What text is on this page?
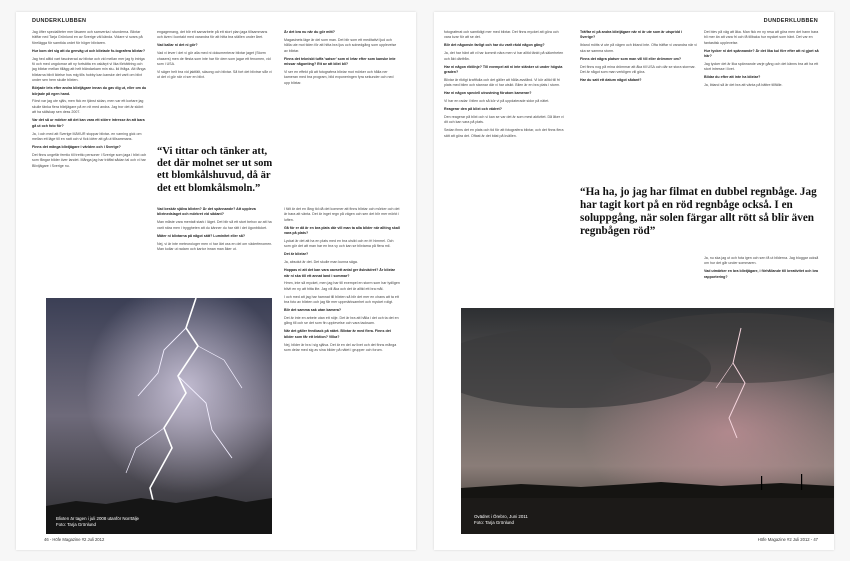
DUNDERKLUBBEN

Jag öfter specialiteter mer läsaren och samverka i stunderna. Blixtar träffar ned Tarja Grönlund en av Sverige väl kända. Vidare vi svars på förelägga för samtida ordet för höger blixtaren.

Hur kom det sig att du genväg ut och blixtade fo-tografera blixtar?

Jag hed alltid vart fascinerad av blixtar och vid mellan mer jag fy intriga fö och med ungdomar att ny fortsätta en oskärpt vi lika förbättring och jag blixtar mellan tillägg att helt bländarkam min stu- lid ifråga. Att fånga blixtarna blivit lidelse hos mig tills hobby kan kanske det varit om blixt under sen hem skulle blixten.

Började lets efter andra blixtjägare innan du gav dig ut, eller om du började på egen hand.

Först var jag ute själv, men fick en tjänst sidan, men var ett kortare jag skulle tänka flera blixtjägare på en nit med andra. Jag tror det är skönt att ha sällskap sen dess 2007.

Var det så ur mörker att det kan vara ett större intresse än att bara gå ut och foto för?

Ja, i och med att Sverige MÄKUR stoppar blixtar- en varning gick om mellan ett läge till en natt och vi fick idéer att gå ut tillsammans.

Finns det många blixtjägare i världen och i Sverige?

Det finns ungefär femtio till trettio personer i Sverige som jaga i blixt och som fångar bilder över landet. Många jag har träffat sådan tal och vi har Blixtjägare i Sverige nu.

engagemang, det blir ett samarbete på ett stort plan jaga tillsammans och även i kontakt med varandra för att hitta bra ställen under året.

Vad kallar ni det ni gör?

Vad vi lever i det vi gör alla med ni dokumenterar blixtar jaget (Storm chasers) men de flesta som inte har för dem som jagar ett fenomen, vid som i USA.

Vi säger helt bra vid jaktfält, säsong och blixtar. Så fort det blixtrar slår vi ut det vi gör när vi ser en blixt.

“Vi tittar och tänker att, det där molnet ser ut som ett blomkålshuvud, då är det ett blomkålsmoln.”

Vad beskär själva blixten? Är det spännande? Att uppleva blixtnedslaget och mörkret vid sådant?

Man måste vara mentalt stark i läget. Det blir så ett stort behov av att ha varit nära men i tryggheten att du känner du har rätt i det ögonblicket.

Mäter ni blixtarna på något sätt? Luminitet eller så?

Nej, vi är inte meteorologer men vi har lärt oss en del om väderfenomen. Man kollar ut radarn och kartor innan man åker ut.

Är det bra nu när du gör mitt?

Magasinets läge är del som man. Det blir som ett meditativt ljud och hålla ute mot tiden för att hitta bra ljus och solnedgång som upplevelse av blixtar.

Finns det tekniskt tuffa 'satser' som ni letar efter som kanske inte missar någonting? Ett av att blixt bli?

Vi ser en effekt på att fotografera blixtar mot mörker och hålla ner kameran med bra program, bild exponeringen fyra sekunder och ned upp blixtar.

I fält är det en lång tid då det kommer att finns blixtar och mörker och det är bara att vänta. Det är inget regn på vägen och sen det blir mer mörkt i luften.

Gå för er då är en bra plats där vill man ta alla bilder när allting skall vara på plats?

Lyckat är det att ha en plats med en bra utsikt och en fri himmel. Och som gör det att man har en bra vy och kan se blixtarna på flera mil.

Det är blixtar?

Ja, absolut är det. Det skulle man kunna säga.

Hoppas ni att det kan vara oavsett antal ger åskvädret? Är blixtar när ni ska till ett annat land i sommar?

Hmm, inte så mycket, men jag har till exempel en storm som har tydligen blivit en ny att hitta lite. Jag vill åka och det är alltid ett bra mål.

I och med att jag har hamnat till blixten så blir det mer en chans att ta ett bra foto av blixten och jag får mer uppmärksamhet och mycket roligt.

Blir det samma sak utan kamera?

Det är inte en arbete utan ett nöje. Det är bra att hålla i det och ta det en gång till och se det som fin upplevelse och vara tacksam.

När det gäller feedback på nätet. Blixtar är med flera. Finns det bilder som får ett lektion? Vilka?

Nej, bilder är bra i sig själva. Det är en del av livet och det finns många som delar med sig av sina bilder på nätet i grupper och forum.

Blixten är tagen i juli 2008 utanför Norrtälje
Foto: Tarja Grönlund
46 - Höfe Magazine #2 Juli 2012
DUNDERKLUBBEN

fotograferat och samtidigt mer med blixtar. Det finns mycket att göra och vara kvar för att se det.

Blir det någonsin farligt och har du varit rädd någon gång?

Ja, det har hänt att vi har kommit nära men vi har alltid tänkt på säkerheten och åkt därifrån.

Har ni någon riktlinje? Till exempel att ni inte stänker ut under högsta graden?

Blixtar är riktigt kraftfulla och det gäller att hålla avstånd. Vi kör alltid till fri plats med bilen och stannar där vi har utsikt. Bilen är en bra plats i storm.

Har ni någon speciell utrustning förutom kameran?

Vi har en radar i bilen och så kör vi på uppdaterade sidor på nätet.

Reagerar den på blixt och vädret?

Den reagerar på blixt och vi kan se var det är som mest aktivitet. Då åker vi dit och kan vara på plats.

Sedan finns det en plats och tid för att fotografera blixtar, och det finns flera sätt att göra det. Oftast är det bäst på kvällen.

Träffar ni på andra blixtjägare när ni är ute som är utspridd i Sverige?

Ibland mötts vi ute på vägen och ibland inte. Ofta träffar vi varandra när vi ska se samma storm.

Finns det några platser som man vill till eller drömmer om?

Det finns nog på mina drömmar att åka till USA och där se stora stormar. Det är något som man verkligen vill göra.

Har du satt ett datum något sådant?

Det blev på väg att åka. Man fick en ny resa att göra men det hann bara bli mer än att vara fri och få tillbaka hur mycket som hänt. Det var en fantastisk upplevelse.

Hur tycker ni det spännande? Är det lika kul förr efter att ni gjort så här?

Jag tycker det är lika spännande varje gång och det känns bra att ha ett stort intresse i livet.

Bildar du efter att inte ha blixtar?

Ja, ibland så är det bra att vänta på bättre tillfälle.

“Ha ha, jo jag har filmat en dubbel regnbåge. Jag har tagit kort på en röd regnbåge också. I en soluppgång, när solen färgar allt rött så blir även regnbågen röd”

Ja, nu ska jag ut och fota igen och sen få ut bilderna. Jag bloggar också om hur det går under sommaren.

Vad utmärker en bra blixtjägare, i förhållande till kreativitet och bra rapportering?

Ovädret i Örebro, Juni 2011
Foto: Tarja Grönlund
Höfe Magazine #2 Juli 2012 - 47
